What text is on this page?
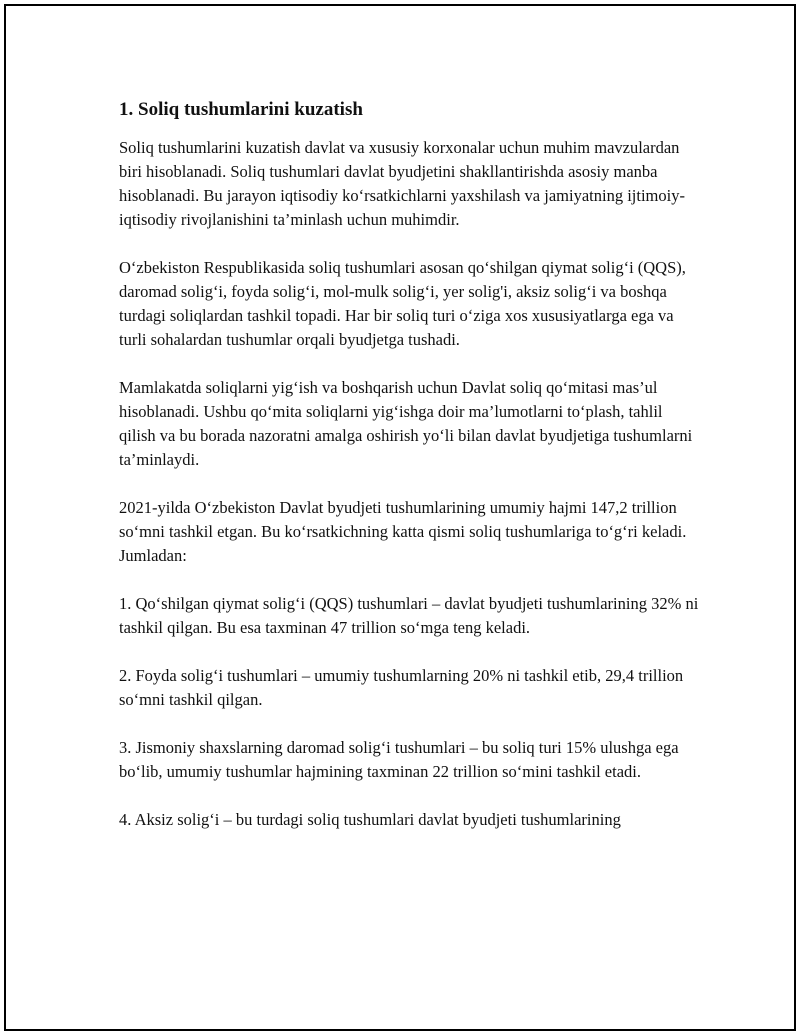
1. Soliq tushumlarini kuzatish

Soliq tushumlarini kuzatish davlat va xususiy korxonalar uchun muhim mavzulardan biri hisoblanadi. Soliq tushumlari davlat byudjetini shakllantirishda asosiy manba hisoblanadi. Bu jarayon iqtisodiy ko‘rsatkichlarni yaxshilash va jamiyatning ijtimoiy-iqtisodiy rivojlanishini ta’minlash uchun muhimdir.

O‘zbekiston Respublikasida soliq tushumlari asosan qo‘shilgan qiymat solig‘i (QQS), daromad solig‘i, foyda solig‘i, mol-mulk solig‘i, yer solig'i, aksiz solig‘i va boshqa turdagi soliqlardan tashkil topadi. Har bir soliq turi o‘ziga xos xususiyatlarga ega va turli sohalardan tushumlar orqali byudjetga tushadi.

Mamlakatda soliqlarni yig‘ish va boshqarish uchun Davlat soliq qo‘mitasi mas’ul hisoblanadi. Ushbu qo‘mita soliqlarni yig‘ishga doir ma’lumotlarni to‘plash, tahlil qilish va bu borada nazoratni amalga oshirish yo‘li bilan davlat byudjetiga tushumlarni ta’minlaydi.

2021-yilda O‘zbekiston Davlat byudjeti tushumlarining umumiy hajmi 147,2 trillion so‘mni tashkil etgan. Bu ko‘rsatkichning katta qismi soliq tushumlariga to‘g‘ri keladi. Jumladan:

1. Qo‘shilgan qiymat solig‘i (QQS) tushumlari – davlat byudjeti tushumlarining 32% ni tashkil qilgan. Bu esa taxminan 47 trillion so‘mga teng keladi.

2. Foyda solig‘i tushumlari – umumiy tushumlarning 20% ni tashkil etib, 29,4 trillion so‘mni tashkil qilgan.

3. Jismoniy shaxslarning daromad solig‘i tushumlari – bu soliq turi 15% ulushga ega bo‘lib, umumiy tushumlar hajmining taxminan 22 trillion so‘mini tashkil etadi.

4. Aksiz solig‘i – bu turdagi soliq tushumlari davlat byudjeti tushumlarining
